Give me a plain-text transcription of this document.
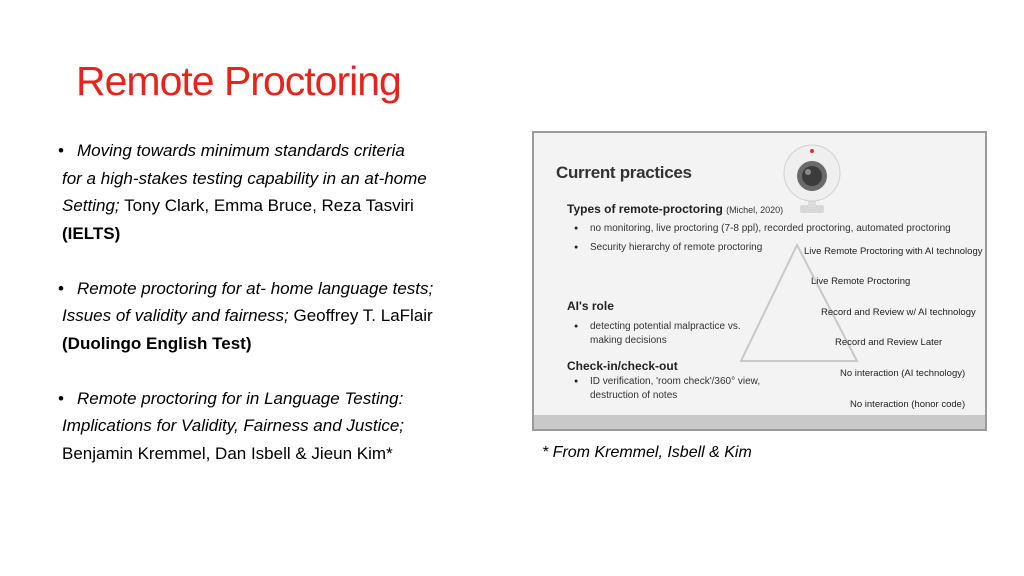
Remote Proctoring
• Moving towards minimum standards criteria
for a high-stakes testing capability in an at-home
Setting; Tony Clark, Emma Bruce, Reza Tasviri
(IELTS)
• Remote proctoring for at- home language tests;
Issues of validity and fairness; Geoffrey T. LaFlair
(Duolingo English Test)
• Remote proctoring for in Language Testing:
Implications for Validity, Fairness and Justice;
Benjamin Kremmel, Dan Isbell & Jieun Kim*
Current practices
Types of remote-proctoring (Michel, 2020)
● no monitoring, live proctoring (7-8 ppl), recorded proctoring, automated proctoring
● Security hierarchy of remote proctoring
AI's role
● detecting potential malpractice vs. making decisions
Check-in/check-out
● ID verification, 'room check'/360° view, destruction of notes
Live Remote Proctoring with AI technology
Live Remote Proctoring
Record and Review w/ AI technology
Record and Review Later
No interaction (AI technology)
No interaction (honor code)
* From Kremmel, Isbell & Kim
